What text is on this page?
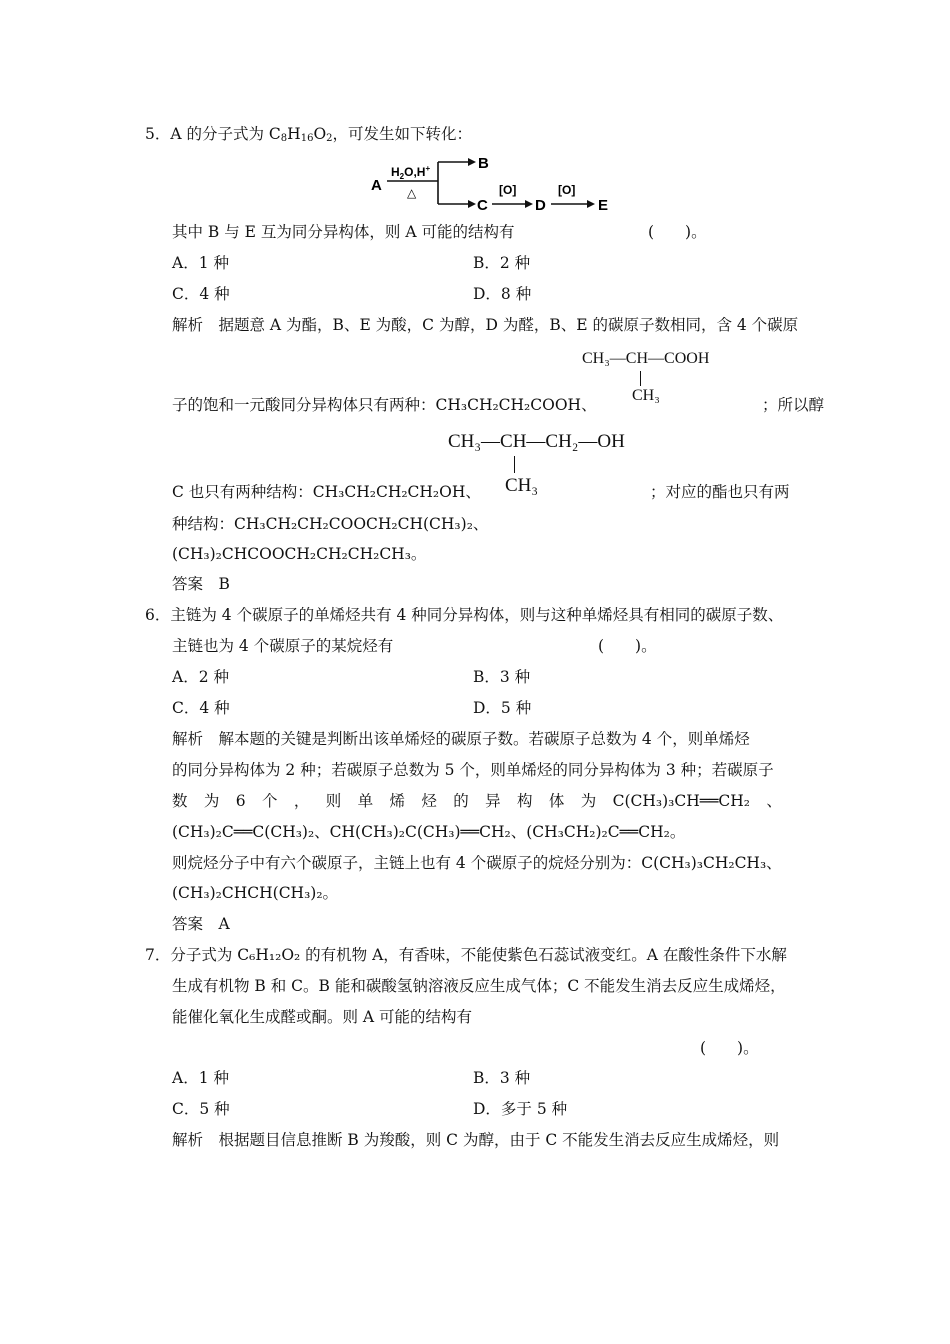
5．A 的分子式为 $C_8H_{16}O_2$，可发生如下转化：
A
$H_2O,H^+$
△
B
C
[O]
D
[O]
E
其中 B 与 E 互为同分异构体，则 A 可能的结构有	(　　)。
A．1 种	B．2 种
C．4 种	D．8 种
解析　据题意 A 为酯，B、E 为酸，C 为醇，D 为醛，B、E 的碳原子数相同，含 4 个碳原
CH₃—CH—COOH
CH₃
子的饱和一元酸同分异构体只有两种：CH₃CH₂CH₂COOH、	；所以醇
CH₃—CH—CH₂—OH
CH₃
C 也只有两种结构：CH₃CH₂CH₂CH₂OH、	；对应的酯也只有两
种结构：CH₃CH₂CH₂COOCH₂CH(CH₃)₂、
(CH₃)₂CHCOOCH₂CH₂CH₂CH₃。
答案　B
6．主链为 4 个碳原子的单烯烃共有 4 种同分异构体，则与这种单烯烃具有相同的碳原子数、
主链也为 4 个碳原子的某烷烃有	(　　)。
A．2 种	B．3 种
C．4 种	D．5 种
解析　解本题的关键是判断出该单烯烃的碳原子数。若碳原子总数为 4 个，则单烯烃
的同分异构体为 2 种；若碳原子总数为 5 个，则单烯烃的同分异构体为 3 种；若碳原子
数 为 6 个 ， 则 单 烯 烃 的 异 构 体 为 C(CH₃)₃CH══CH₂ 、
(CH₃)₂C══C(CH₃)₂、CH(CH₃)₂C(CH₃)══CH₂、(CH₃CH₂)₂C══CH₂。
则烷烃分子中有六个碳原子，主链上也有 4 个碳原子的烷烃分别为：C(CH₃)₃CH₂CH₃、
(CH₃)₂CHCH(CH₃)₂。
答案　A
7．分子式为 C₆H₁₂O₂ 的有机物 A，有香味，不能使紫色石蕊试液变红。A 在酸性条件下水解
生成有机物 B 和 C。B 能和碳酸氢钠溶液反应生成气体；C 不能发生消去反应生成烯烃，
能催化氧化生成醛或酮。则 A 可能的结构有
(　　)。
A．1 种	B．3 种
C．5 种	D．多于 5 种
解析　根据题目信息推断 B 为羧酸，则 C 为醇，由于 C 不能发生消去反应生成烯烃，则
